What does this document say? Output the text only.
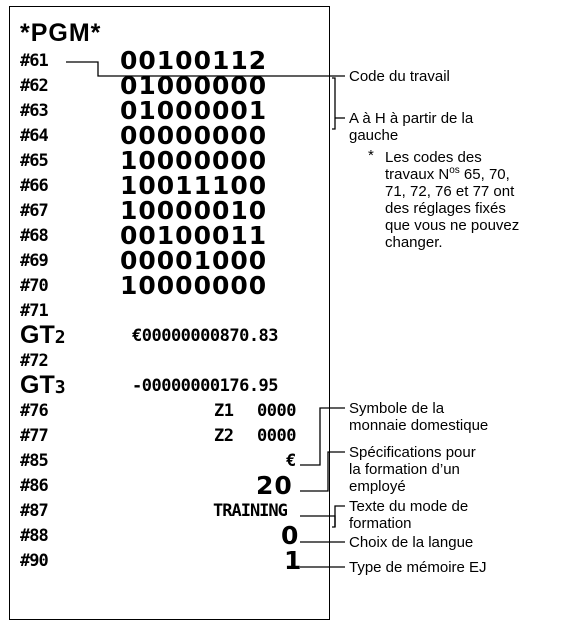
*PGM*
#61	00100112
#62	01000000
#63	01000001
#64	00000000
#65	10000000
#66	10011100
#67	10000010
#68	00100011
#69	00001000
#70	10000000
#71
GT2	€00000000870.83
#72
GT3	-00000000176.95
#76	Z1 0000
#77	Z2 0000
#85	€
#86	20
#87	TRAINING
#88	0
#90	1
Code du travail
A à H à partir de la
gauche
* Les codes des
travaux $N^{os}$ 65, 70,
71, 72, 76 et 77 ont
des réglages fixés
que vous ne pouvez
changer.
Symbole de la
monnaie domestique
Spécifications pour
la formation d’un
employé
Texte du mode de
formation
Choix de la langue
Type de mémoire EJ
